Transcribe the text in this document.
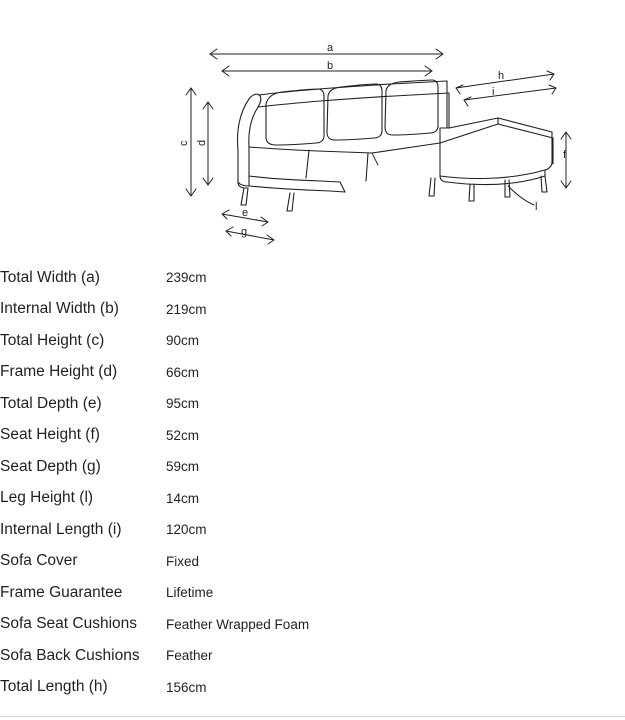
a
b
c d
e
f
g
h
i
l
Total Width (a)	239cm
Internal Width (b)	219cm
Total Height (c)	90cm
Frame Height (d)	66cm
Total Depth (e)	95cm
Seat Height (f)	52cm
Seat Depth (g)	59cm
Leg Height (l)	14cm
Internal Length (i)	120cm
Sofa Cover	Fixed
Frame Guarantee	Lifetime
Sofa Seat Cushions	Feather Wrapped Foam
Sofa Back Cushions	Feather
Total Length (h)	156cm
